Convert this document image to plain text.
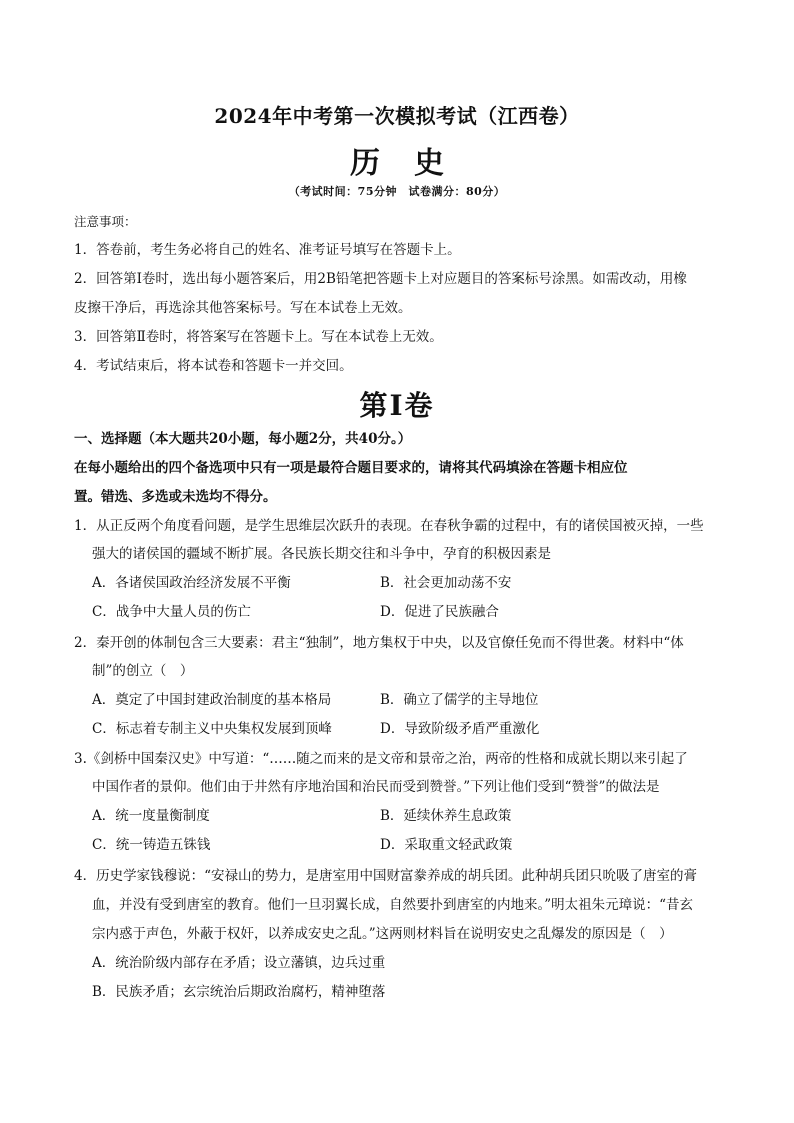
2024年中考第一次模拟考试（江西卷）
历史
（考试时间：75分钟　试卷满分：80分）
注意事项：
1．答卷前，考生务必将自己的姓名、准考证号填写在答题卡上。
2．回答第Ⅰ卷时，选出每小题答案后，用2B铅笔把答题卡上对应题目的答案标号涂黑。如需改动，用橡
皮擦干净后，再选涂其他答案标号。写在本试卷上无效。
3．回答第Ⅱ卷时，将答案写在答题卡上。写在本试卷上无效。
4．考试结束后，将本试卷和答题卡一并交回。
第Ⅰ卷
一、选择题（本大题共20小题，每小题2分，共40分。）
在每小题给出的四个备选项中只有一项是最符合题目要求的，请将其代码填涂在答题卡相应位
置。错选、多选或未选均不得分。
1．从正反两个角度看问题，是学生思维层次跃升的表现。在春秋争霸的过程中，有的诸侯国被灭掉，一些
强大的诸侯国的疆域不断扩展。各民族长期交往和斗争中，孕育的积极因素是
A．各诸侯国政治经济发展不平衡	B．社会更加动荡不安
C．战争中大量人员的伤亡	D．促进了民族融合
2．秦开创的体制包含三大要素：君主“独制”，地方集权于中央，以及官僚任免而不得世袭。材料中“体
制”的创立（　）
A．奠定了中国封建政治制度的基本格局	B．确立了儒学的主导地位
C．标志着专制主义中央集权发展到顶峰	D．导致阶级矛盾严重激化
3.《剑桥中国秦汉史》中写道：“……随之而来的是文帝和景帝之治，两帝的性格和成就长期以来引起了
中国作者的景仰。他们由于井然有序地治国和治民而受到赞誉。”下列让他们受到“赞誉”的做法是
A．统一度量衡制度	B．延续休养生息政策
C．统一铸造五铢钱	D．采取重文轻武政策
4．历史学家钱穆说：“安禄山的势力，是唐室用中国财富豢养成的胡兵团。此种胡兵团只吮吸了唐室的膏
血，并没有受到唐室的教育。他们一旦羽翼长成，自然要扑到唐室的内地来。”明太祖朱元璋说：“昔玄
宗内惑于声色，外蔽于权奸，以养成安史之乱。”这两则材料旨在说明安史之乱爆发的原因是（　）
A．统治阶级内部存在矛盾；设立藩镇，边兵过重
B．民族矛盾；玄宗统治后期政治腐朽，精神堕落
